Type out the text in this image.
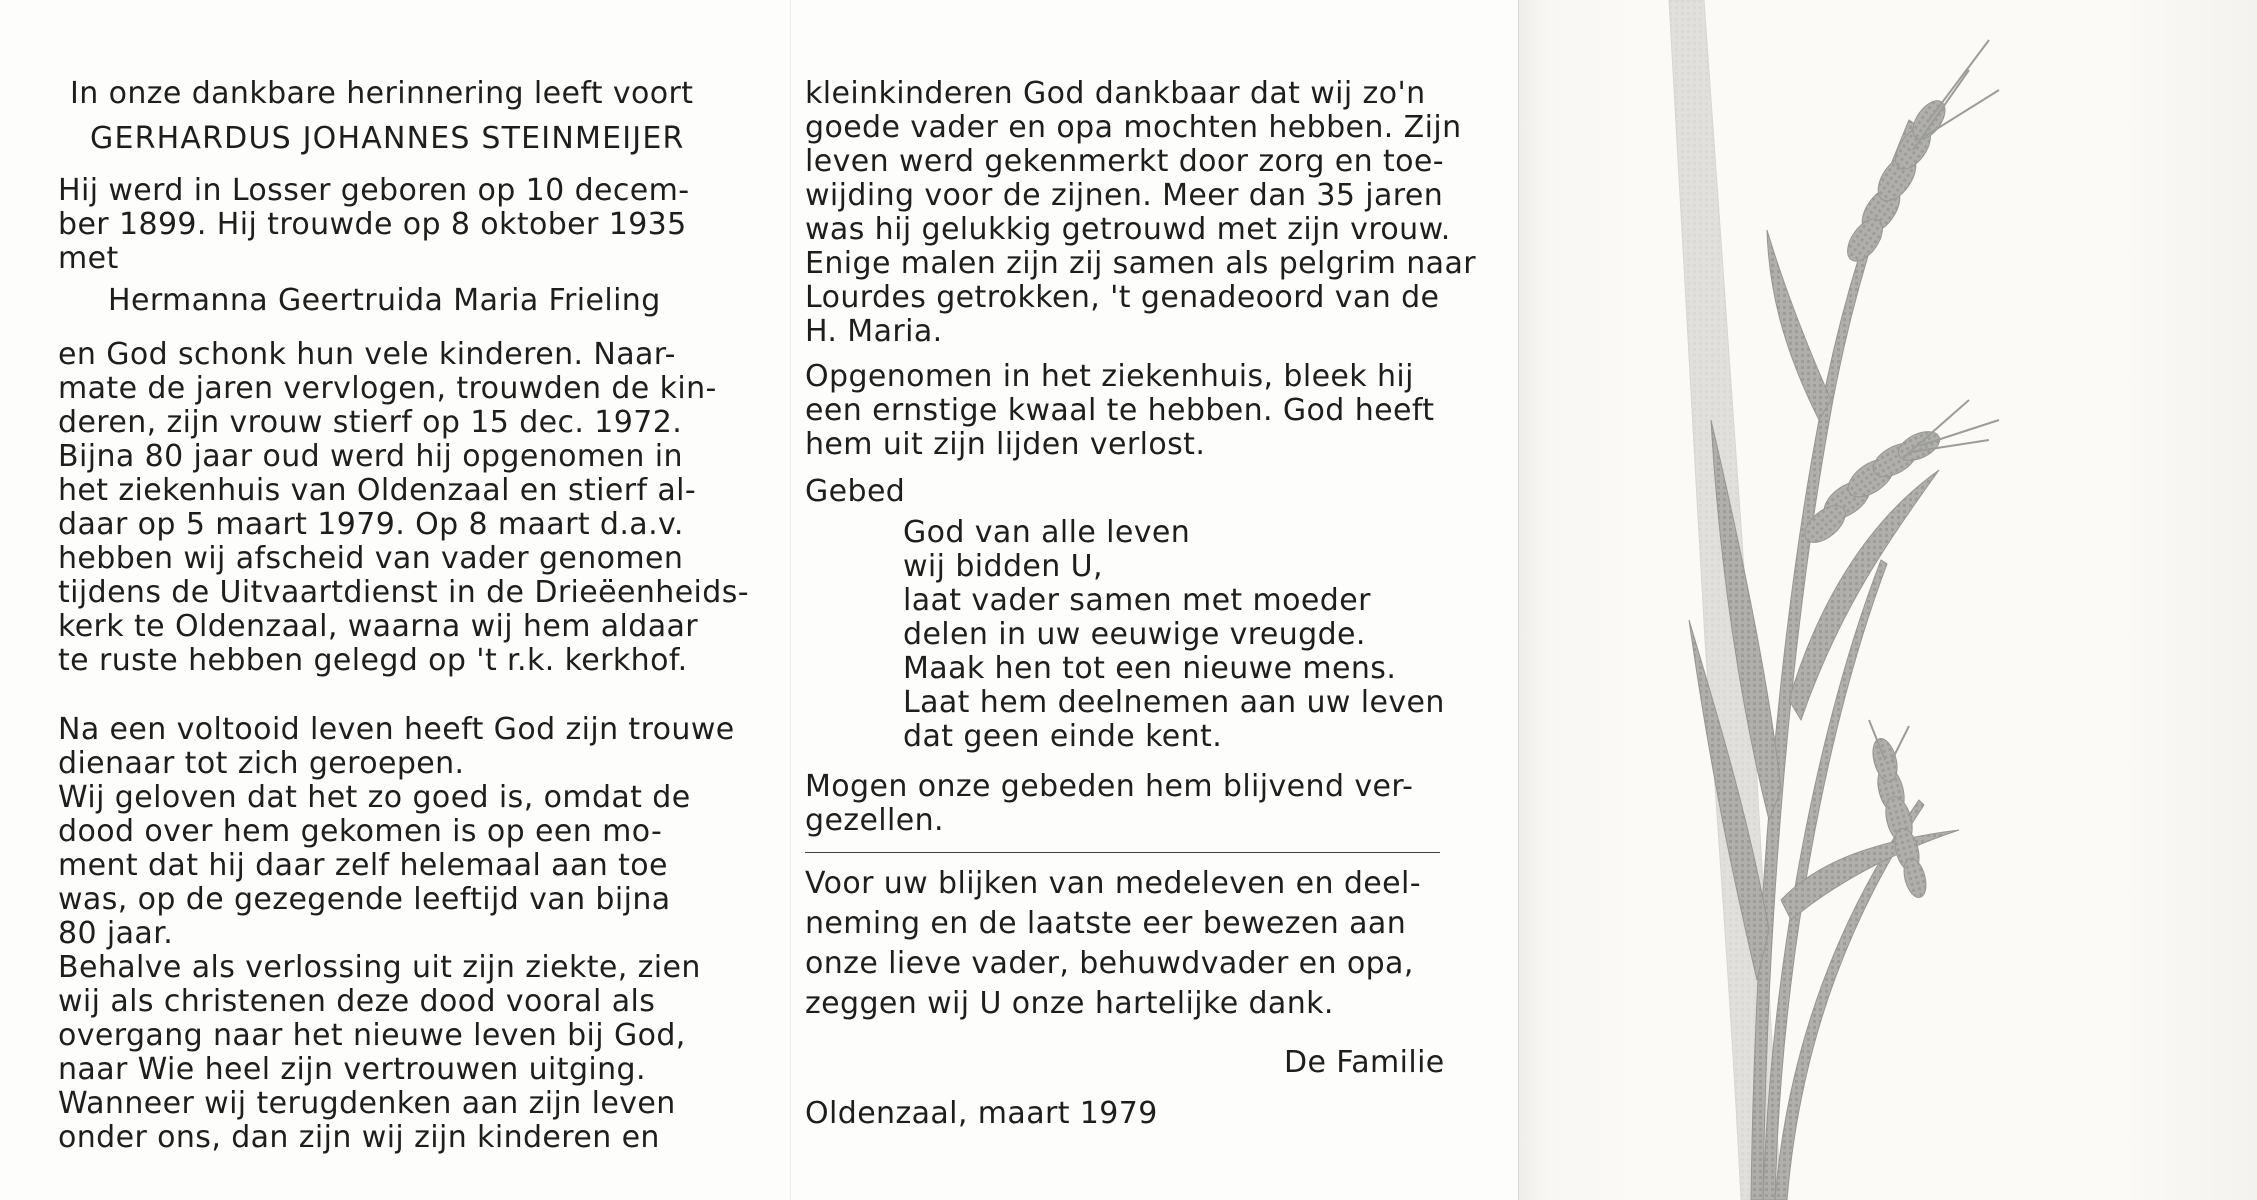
In onze dankbare herinnering leeft voort

GERHARDUS JOHANNES STEINMEIJER

Hij werd in Losser geboren op 10 decem-

ber 1899. Hij trouwde op 8 oktober 1935

met

Hermanna Geertruida Maria Frieling

en God schonk hun vele kinderen. Naar-

mate de jaren vervlogen, trouwden de kin-

deren, zijn vrouw stierf op 15 dec. 1972.

Bijna 80 jaar oud werd hij opgenomen in

het ziekenhuis van Oldenzaal en stierf al-

daar op 5 maart 1979. Op 8 maart d.a.v.

hebben wij afscheid van vader genomen

tijdens de Uitvaartdienst in de Drieëenheids-

kerk te Oldenzaal, waarna wij hem aldaar

te ruste hebben gelegd op 't r.k. kerkhof.

Na een voltooid leven heeft God zijn trouwe

dienaar tot zich geroepen.

Wij geloven dat het zo goed is, omdat de

dood over hem gekomen is op een mo-

ment dat hij daar zelf helemaal aan toe

was, op de gezegende leeftijd van bijna

80 jaar.

Behalve als verlossing uit zijn ziekte, zien

wij als christenen deze dood vooral als

overgang naar het nieuwe leven bij God,

naar Wie heel zijn vertrouwen uitging.

Wanneer wij terugdenken aan zijn leven

onder ons, dan zijn wij zijn kinderen en

kleinkinderen God dankbaar dat wij zo'n

goede vader en opa mochten hebben. Zijn

leven werd gekenmerkt door zorg en toe-

wijding voor de zijnen. Meer dan 35 jaren

was hij gelukkig getrouwd met zijn vrouw.

Enige malen zijn zij samen als pelgrim naar

Lourdes getrokken, 't genadeoord van de

H. Maria.

Opgenomen in het ziekenhuis, bleek hij

een ernstige kwaal te hebben. God heeft

hem uit zijn lijden verlost.

Gebed

God van alle leven

wij bidden U,

laat vader samen met moeder

delen in uw eeuwige vreugde.

Maak hen tot een nieuwe mens.

Laat hem deelnemen aan uw leven

dat geen einde kent.

Mogen onze gebeden hem blijvend ver-

gezellen.

Voor uw blijken van medeleven en deel-

neming en de laatste eer bewezen aan

onze lieve vader, behuwdvader en opa,

zeggen wij U onze hartelijke dank.

De Familie

Oldenzaal, maart 1979
